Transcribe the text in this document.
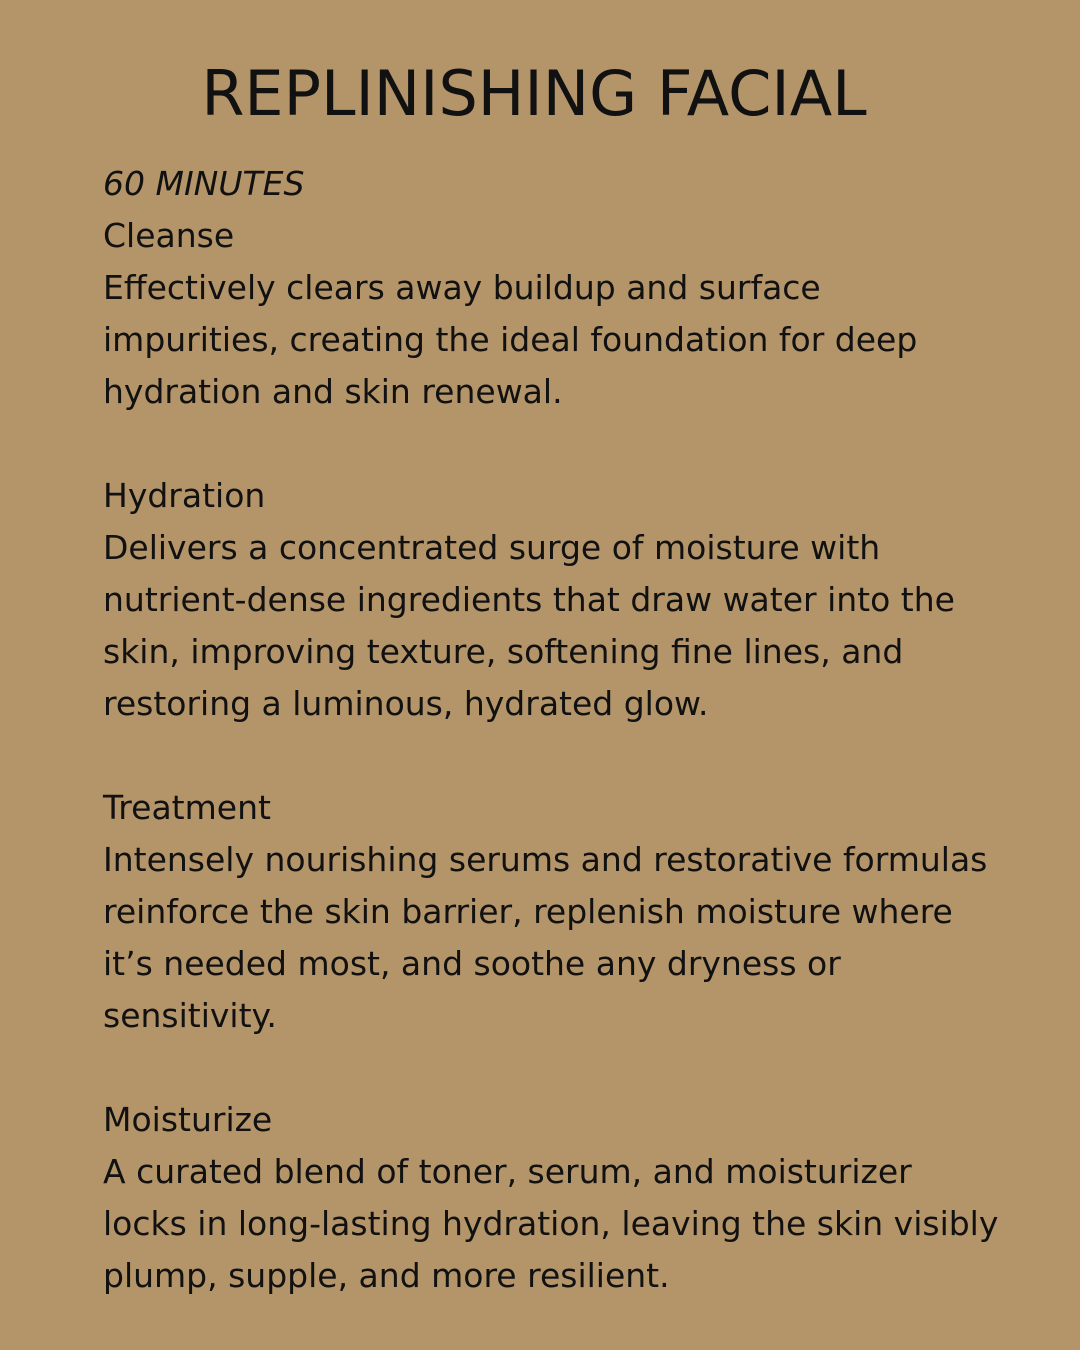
REPLINISHING FACIAL

60 MINUTES

Cleanse

Effectively clears away buildup and surface
impurities, creating the ideal foundation for deep
hydration and skin renewal.

Hydration

Delivers a concentrated surge of moisture with
nutrient-dense ingredients that draw water into the
skin, improving texture, softening fine lines, and
restoring a luminous, hydrated glow.

Treatment

Intensely nourishing serums and restorative formulas
reinforce the skin barrier, replenish moisture where
it’s needed most, and soothe any dryness or
sensitivity.

Moisturize

A curated blend of toner, serum, and moisturizer
locks in long-lasting hydration, leaving the skin visibly
plump, supple, and more resilient.
